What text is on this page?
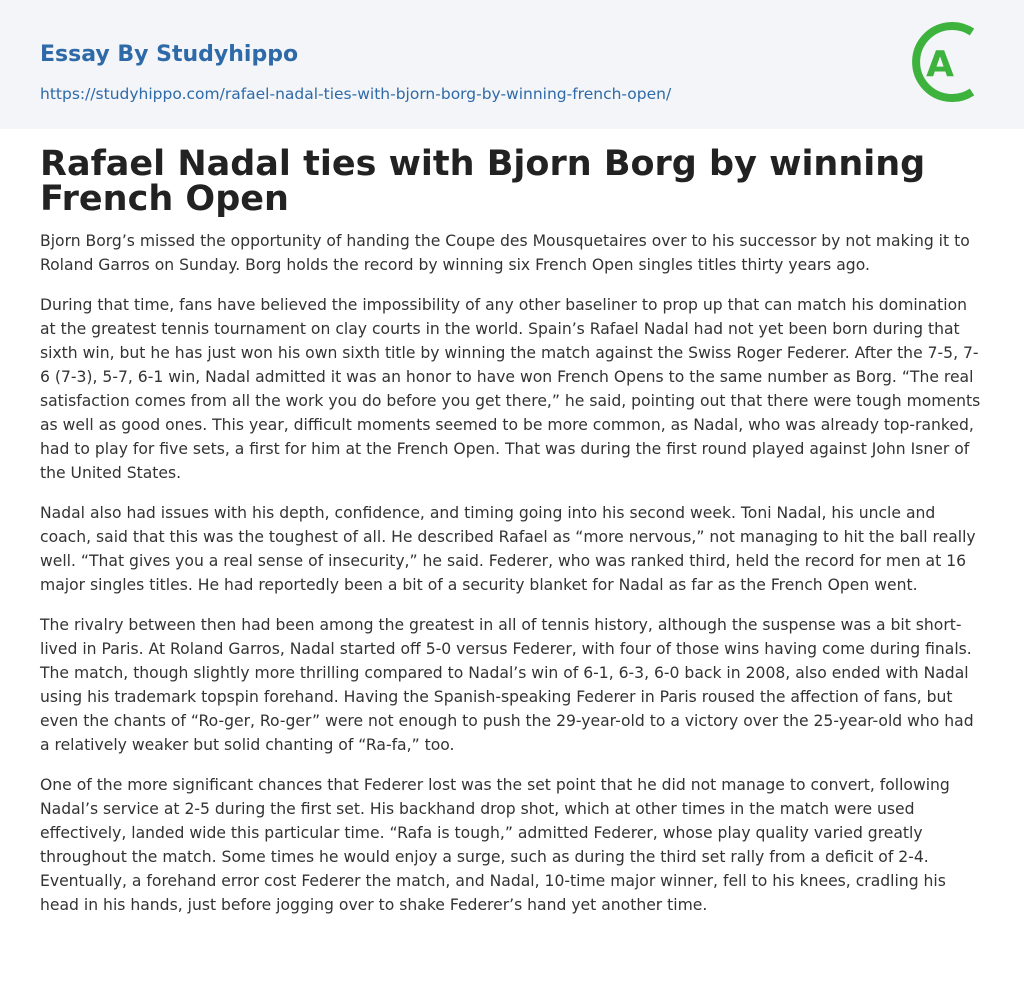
Essay By Studyhippo
https://studyhippo.com/rafael-nadal-ties-with-bjorn-borg-by-winning-french-open/
A
Rafael Nadal ties with Bjorn Borg by winning French Open

Bjorn Borg’s missed the opportunity of handing the Coupe des Mousquetaires over to his successor by not making it to Roland Garros on Sunday. Borg holds the record by winning six French Open singles titles thirty years ago.

During that time, fans have believed the impossibility of any other baseliner to prop up that can match his domination at the greatest tennis tournament on clay courts in the world. Spain’s Rafael Nadal had not yet been born during that sixth win, but he has just won his own sixth title by winning the match against the Swiss Roger Federer. After the 7-5, 7-6 (7-3), 5-7, 6-1 win, Nadal admitted it was an honor to have won French Opens to the same number as Borg. “The real satisfaction comes from all the work you do before you get there,” he said, pointing out that there were tough moments as well as good ones. This year, difficult moments seemed to be more common, as Nadal, who was already top-ranked, had to play for five sets, a first for him at the French Open. That was during the first round played against John Isner of the United States.

Nadal also had issues with his depth, confidence, and timing going into his second week. Toni Nadal, his uncle and coach, said that this was the toughest of all. He described Rafael as “more nervous,” not managing to hit the ball really well. “That gives you a real sense of insecurity,” he said. Federer, who was ranked third, held the record for men at 16 major singles titles. He had reportedly been a bit of a security blanket for Nadal as far as the French Open went.

The rivalry between then had been among the greatest in all of tennis history, although the suspense was a bit short-lived in Paris. At Roland Garros, Nadal started off 5-0 versus Federer, with four of those wins having come during finals. The match, though slightly more thrilling compared to Nadal’s win of 6-1, 6-3, 6-0 back in 2008, also ended with Nadal using his trademark topspin forehand. Having the Spanish-speaking Federer in Paris roused the affection of fans, but even the chants of “Ro-ger, Ro-ger” were not enough to push the 29-year-old to a victory over the 25-year-old who had a relatively weaker but solid chanting of “Ra-fa,” too.

One of the more significant chances that Federer lost was the set point that he did not manage to convert, following Nadal’s service at 2-5 during the first set. His backhand drop shot, which at other times in the match were used effectively, landed wide this particular time. “Rafa is tough,” admitted Federer, whose play quality varied greatly throughout the match. Some times he would enjoy a surge, such as during the third set rally from a deficit of 2-4. Eventually, a forehand error cost Federer the match, and Nadal, 10-time major winner, fell to his knees, cradling his head in his hands, just before jogging over to shake Federer’s hand yet another time.
